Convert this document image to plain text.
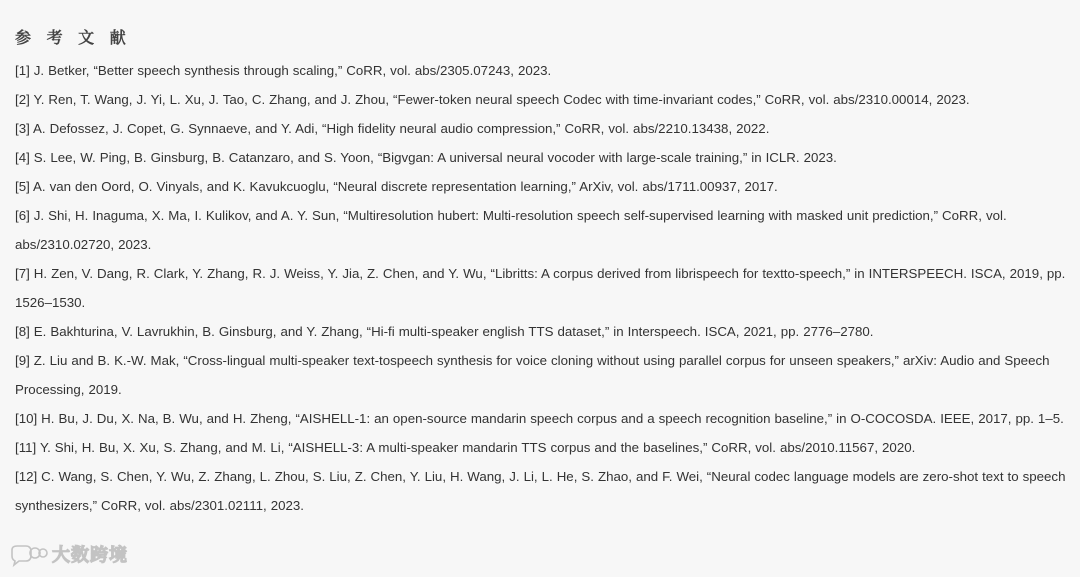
参 考 文 献
[1] J. Betker, “Better speech synthesis through scaling,” CoRR, vol. abs/2305.07243, 2023.
[2] Y. Ren, T. Wang, J. Yi, L. Xu, J. Tao, C. Zhang, and J. Zhou, “Fewer-token neural speech Codec with time-invariant codes,” CoRR, vol. abs/2310.00014, 2023.
[3] A. Defossez, J. Copet, G. Synnaeve, and Y. Adi, “High fidelity neural audio compression,” CoRR, vol. abs/2210.13438, 2022.
[4] S. Lee, W. Ping, B. Ginsburg, B. Catanzaro, and S. Yoon, “Bigvgan: A universal neural vocoder with large-scale training,” in ICLR. 2023.
[5] A. van den Oord, O. Vinyals, and K. Kavukcuoglu, “Neural discrete representation learning,” ArXiv, vol. abs/1711.00937, 2017.
[6] J. Shi, H. Inaguma, X. Ma, I. Kulikov, and A. Y. Sun, “Multiresolution hubert: Multi-resolution speech self-supervised learning with masked unit prediction,” CoRR, vol. abs/2310.02720, 2023.
[7] H. Zen, V. Dang, R. Clark, Y. Zhang, R. J. Weiss, Y. Jia, Z. Chen, and Y. Wu, “Libritts: A corpus derived from librispeech for textto-speech,” in INTERSPEECH. ISCA, 2019, pp. 1526–1530.
[8] E. Bakhturina, V. Lavrukhin, B. Ginsburg, and Y. Zhang, “Hi-fi multi-speaker english TTS dataset,” in Interspeech. ISCA, 2021, pp. 2776–2780.
[9] Z. Liu and B. K.-W. Mak, “Cross-lingual multi-speaker text-tospeech synthesis for voice cloning without using parallel corpus for unseen speakers,” arXiv: Audio and Speech Processing, 2019.
[10] H. Bu, J. Du, X. Na, B. Wu, and H. Zheng, “AISHELL-1: an open-source mandarin speech corpus and a speech recognition baseline,” in O-COCOSDA. IEEE, 2017, pp. 1–5.
[11] Y. Shi, H. Bu, X. Xu, S. Zhang, and M. Li, “AISHELL-3: A multi-speaker mandarin TTS corpus and the baselines,” CoRR, vol. abs/2010.11567, 2020.
[12] C. Wang, S. Chen, Y. Wu, Z. Zhang, L. Zhou, S. Liu, Z. Chen, Y. Liu, H. Wang, J. Li, L. He, S. Zhao, and F. Wei, “Neural codec language models are zero-shot text to speech synthesizers,” CoRR, vol. abs/2301.02111, 2023.
大数跨境
